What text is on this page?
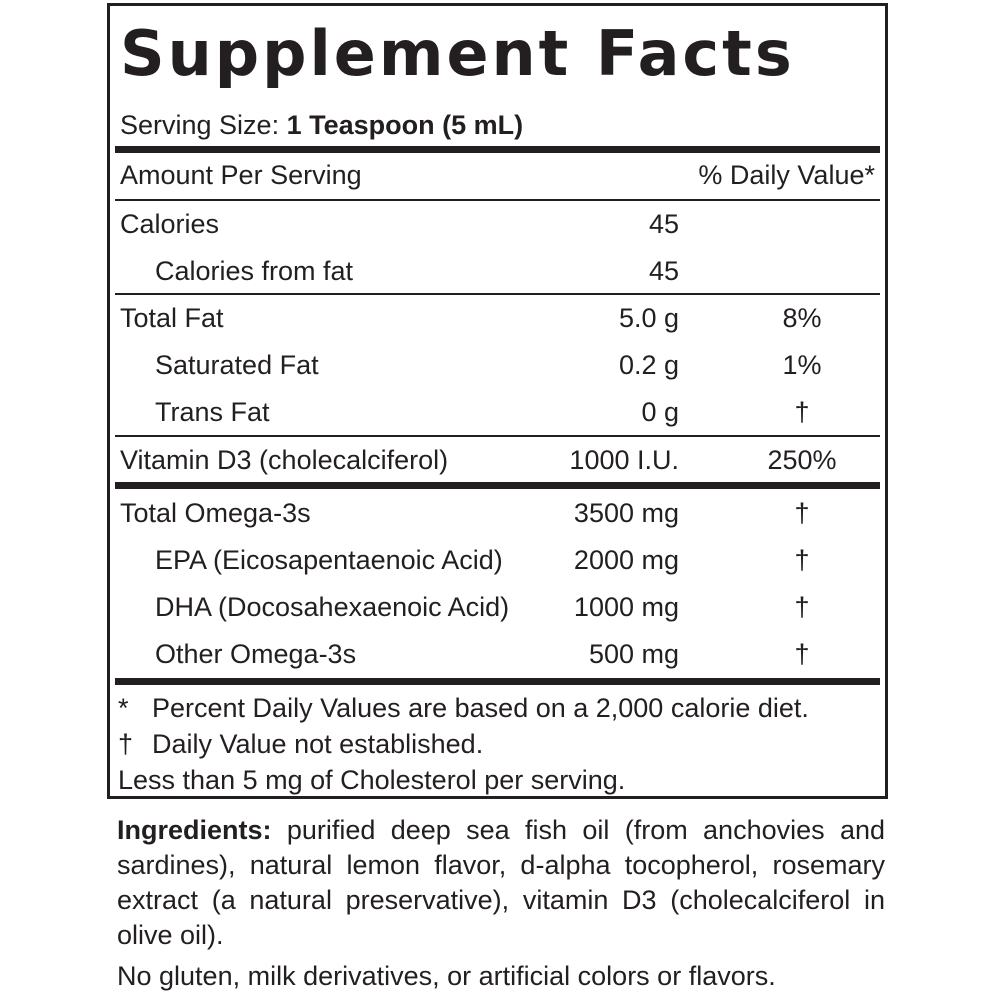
Supplement Facts
Serving Size: 1 Teaspoon (5 mL)
Amount Per Serving	% Daily Value*
Calories	45
Calories from fat	45
Total Fat	5.0 g	8%
Saturated Fat	0.2 g	1%
Trans Fat	0 g	†
Vitamin D3 (cholecalciferol)	1000 I.U.	250%
Total Omega-3s	3500 mg	†
EPA (Eicosapentaenoic Acid)	2000 mg	†
DHA (Docosahexaenoic Acid) 1000 mg	†
Other Omega-3s	500 mg	†
* Percent Daily Values are based on a 2,000 calorie diet.
† Daily Value not established.
Less than 5 mg of Cholesterol per serving.
Ingredients: purified deep sea fish oil (from anchovies and sardines), natural lemon flavor, d-alpha tocopherol, rosemary extract (a natural preservative), vitamin D3 (cholecalciferol in olive oil).
No gluten, milk derivatives, or artificial colors or flavors.
